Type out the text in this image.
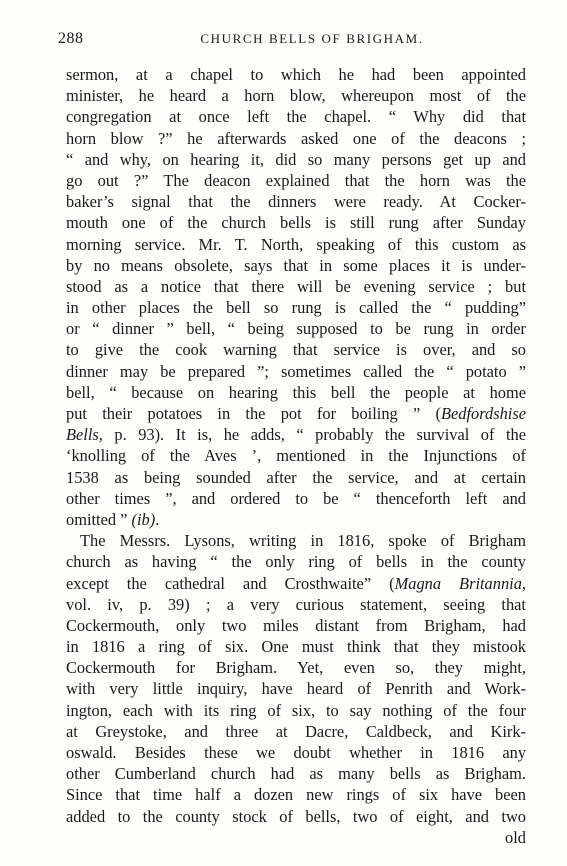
288	CHURCH BELLS OF BRIGHAM.
sermon, at a chapel to which he had been appointed
minister, he heard a horn blow, whereupon most of the
congregation at once left the chapel. “ Why did that
horn blow ?” he afterwards asked one of the deacons ;
“ and why, on hearing it, did so many persons get up and
go out ?” The deacon explained that the horn was the
baker’s signal that the dinners were ready. At Cocker-
mouth one of the church bells is still rung after Sunday
morning service. Mr. T. North, speaking of this custom as
by no means obsolete, says that in some places it is under-
stood as a notice that there will be evening service ; but
in other places the bell so rung is called the “ pudding”
or “ dinner ” bell, “ being supposed to be rung in order
to give the cook warning that service is over, and so
dinner may be prepared ”; sometimes called the “ potato ”
bell, “ because on hearing this bell the people at home
put their potatoes in the pot for boiling ” (Bedfordshise
Bells, p. 93). It is, he adds, “ probably the survival of the
‘knolling of the Aves ’, mentioned in the Injunctions of
1538 as being sounded after the service, and at certain
other times ”, and ordered to be “ thenceforth left and
omitted ” (ib).
The Messrs. Lysons, writing in 1816, spoke of Brigham
church as having “ the only ring of bells in the county
except the cathedral and Crosthwaite” (Magna Britannia,
vol. iv, p. 39) ; a very curious statement, seeing that
Cockermouth, only two miles distant from Brigham, had
in 1816 a ring of six. One must think that they mistook
Cockermouth for Brigham. Yet, even so, they might,
with very little inquiry, have heard of Penrith and Work-
ington, each with its ring of six, to say nothing of the four
at Greystoke, and three at Dacre, Caldbeck, and Kirk-
oswald. Besides these we doubt whether in 1816 any
other Cumberland church had as many bells as Brigham.
Since that time half a dozen new rings of six have been
added to the county stock of bells, two of eight, and two
old
